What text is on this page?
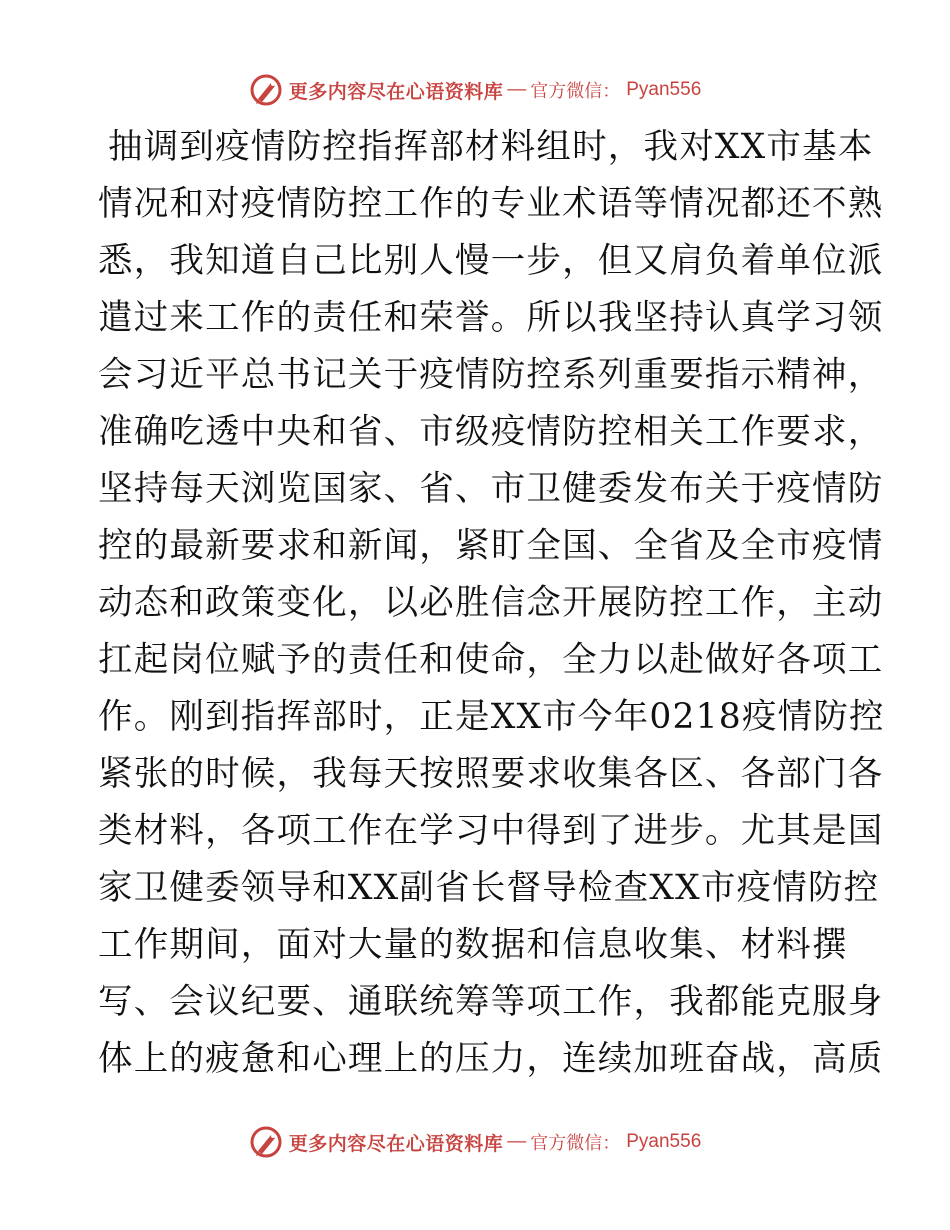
更多内容尽在心语资料库 — 官方微信： Pyan556
抽调到疫情防控指挥部材料组时，我对XX市基本
情况和对疫情防控工作的专业术语等情况都还不熟
悉，我知道自己比别人慢一步，但又肩负着单位派
遣过来工作的责任和荣誉。所以我坚持认真学习领
会习近平总书记关于疫情防控系列重要指示精神，
准确吃透中央和省、市级疫情防控相关工作要求，
坚持每天浏览国家、省、市卫健委发布关于疫情防
控的最新要求和新闻，紧盯全国、全省及全市疫情
动态和政策变化，以必胜信念开展防控工作，主动
扛起岗位赋予的责任和使命，全力以赴做好各项工
作。刚到指挥部时，正是XX市今年0218疫情防控
紧张的时候，我每天按照要求收集各区、各部门各
类材料，各项工作在学习中得到了进步。尤其是国
家卫健委领导和XX副省长督导检查XX市疫情防控
工作期间，面对大量的数据和信息收集、材料撰
写、会议纪要、通联统筹等项工作，我都能克服身
体上的疲惫和心理上的压力，连续加班奋战，高质
更多内容尽在心语资料库 — 官方微信： Pyan556
